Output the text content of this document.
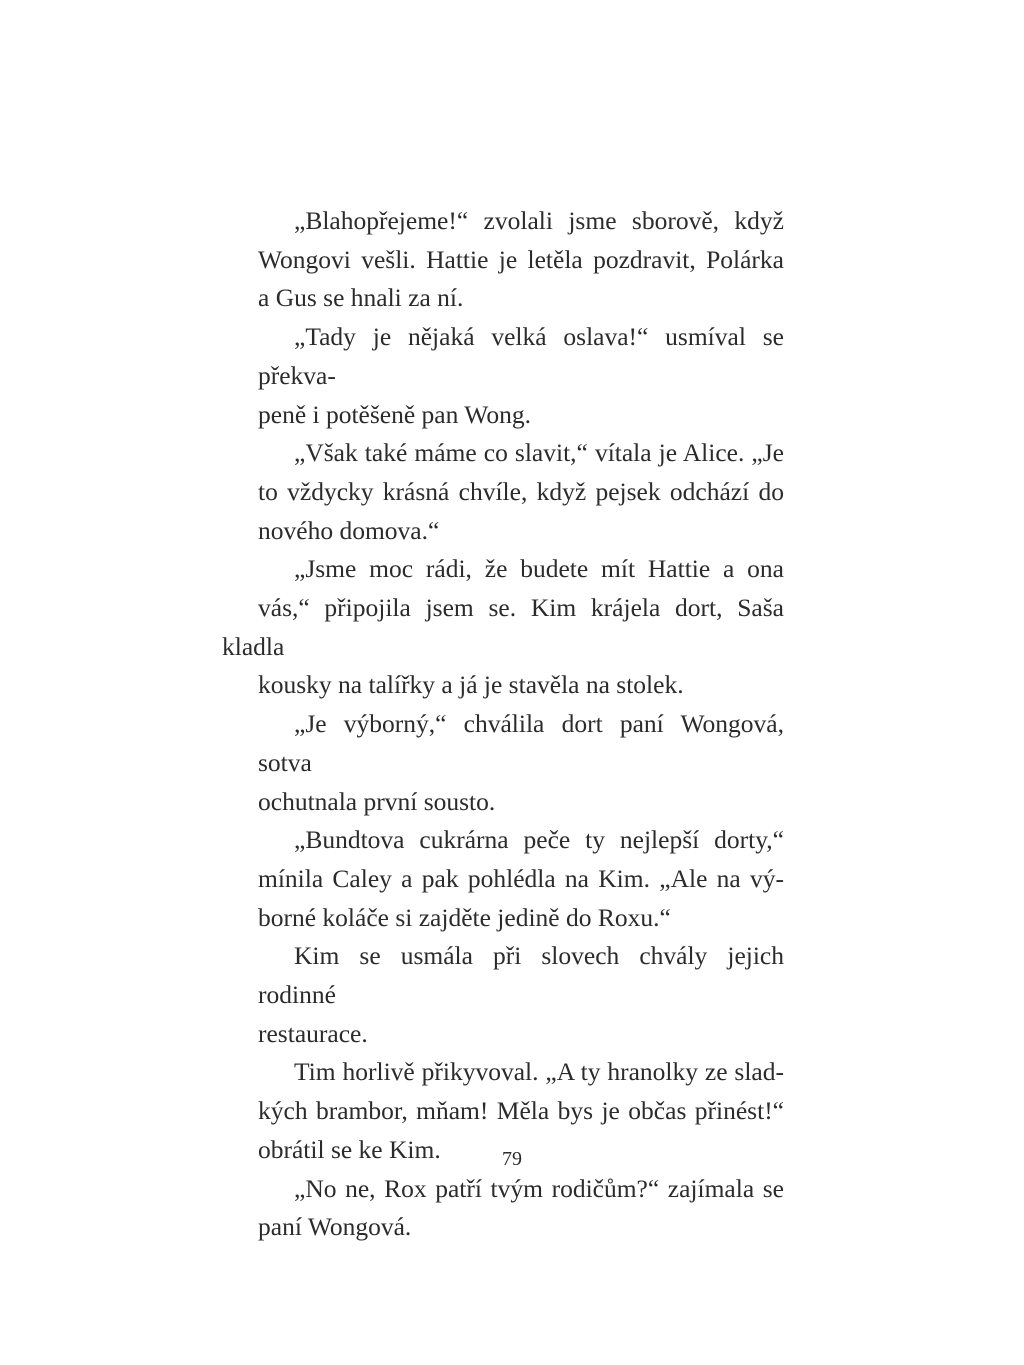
„Blahopřejeme!“ zvolali jsme sborově, když
Wongovi vešli. Hattie je letěla pozdravit, Polárka
a Gus se hnali za ní.
„Tady je nějaká velká oslava!“ usmíval se překva-
peně i potěšeně pan Wong.
„Však také máme co slavit,“ vítala je Alice. „Je
to vždycky krásná chvíle, když pejsek odchází do
nového domova.“
„Jsme moc rádi, že budete mít Hattie a ona
vás,“ připojila jsem se. Kim krájela dort, Saša kladla
kousky na talířky a já je stavěla na stolek.
„Je výborný,“ chválila dort paní Wongová, sotva
ochutnala první sousto.
„Bundtova cukrárna peče ty nejlepší dorty,“
mínila Caley a pak pohlédla na Kim. „Ale na vý-
borné koláče si zajděte jedině do Roxu.“
Kim se usmála při slovech chvály jejich rodinné
restaurace.
Tim horlivě přikyvoval. „A ty hranolky ze slad-
kých brambor, mňam! Měla bys je občas přinést!“
obrátil se ke Kim.
„No ne, Rox patří tvým rodičům?“ zajímala se
paní Wongová.
79
